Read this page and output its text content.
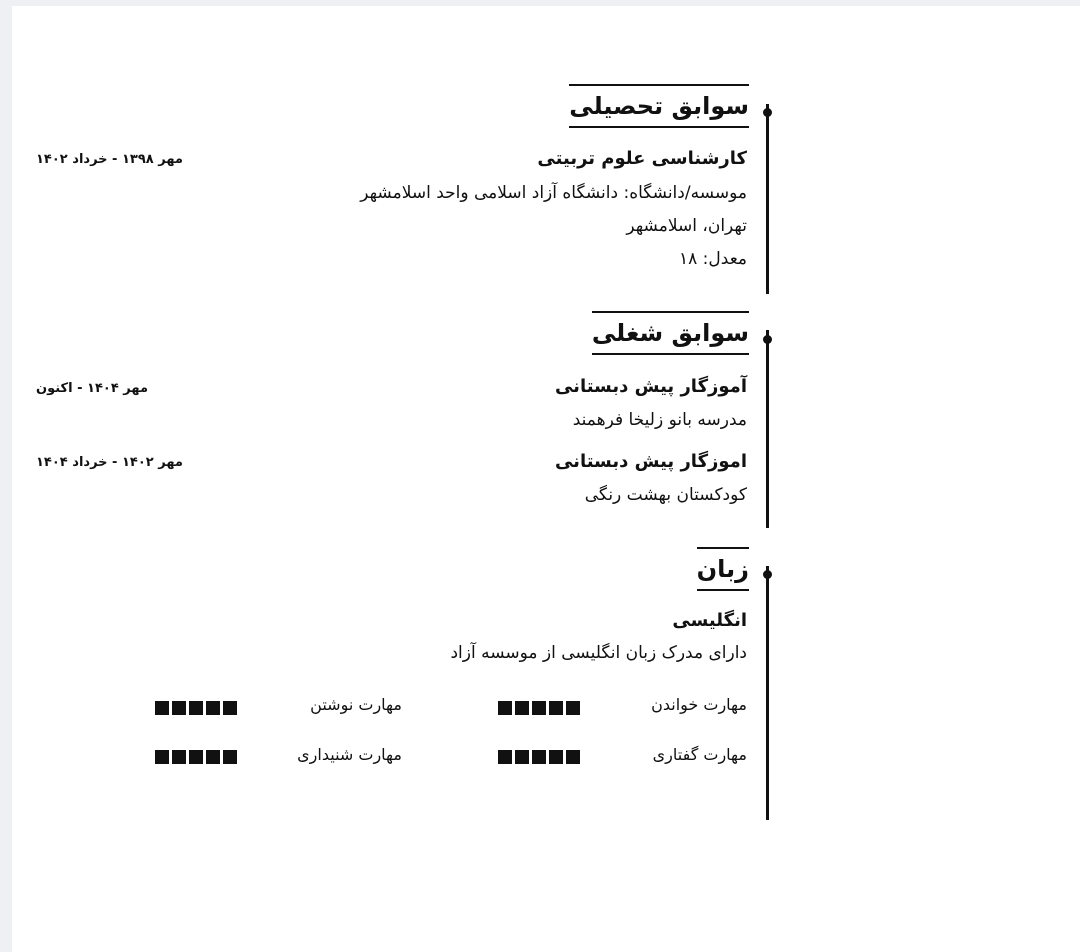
سوابق تحصیلی
کارشناسی علوم تربیتی
مهر ۱۳۹۸ - خرداد ۱۴۰۲
موسسه/دانشگاه: دانشگاه آزاد اسلامی واحد اسلامشهر
تهران، اسلامشهر
معدل: ۱۸
سوابق شغلی
آموزگار پیش دبستانی
مهر ۱۴۰۴ - اکنون
مدرسه بانو زلیخا فرهمند
اموزگار پیش دبستانی
مهر ۱۴۰۲ - خرداد ۱۴۰۴
کودکستان بهشت رنگی
زبان
انگلیسی
دارای مدرک زبان انگلیسی از موسسه آزاد
مهارت خواندن
مهارت نوشتن
مهارت گفتاری
مهارت شنیداری
